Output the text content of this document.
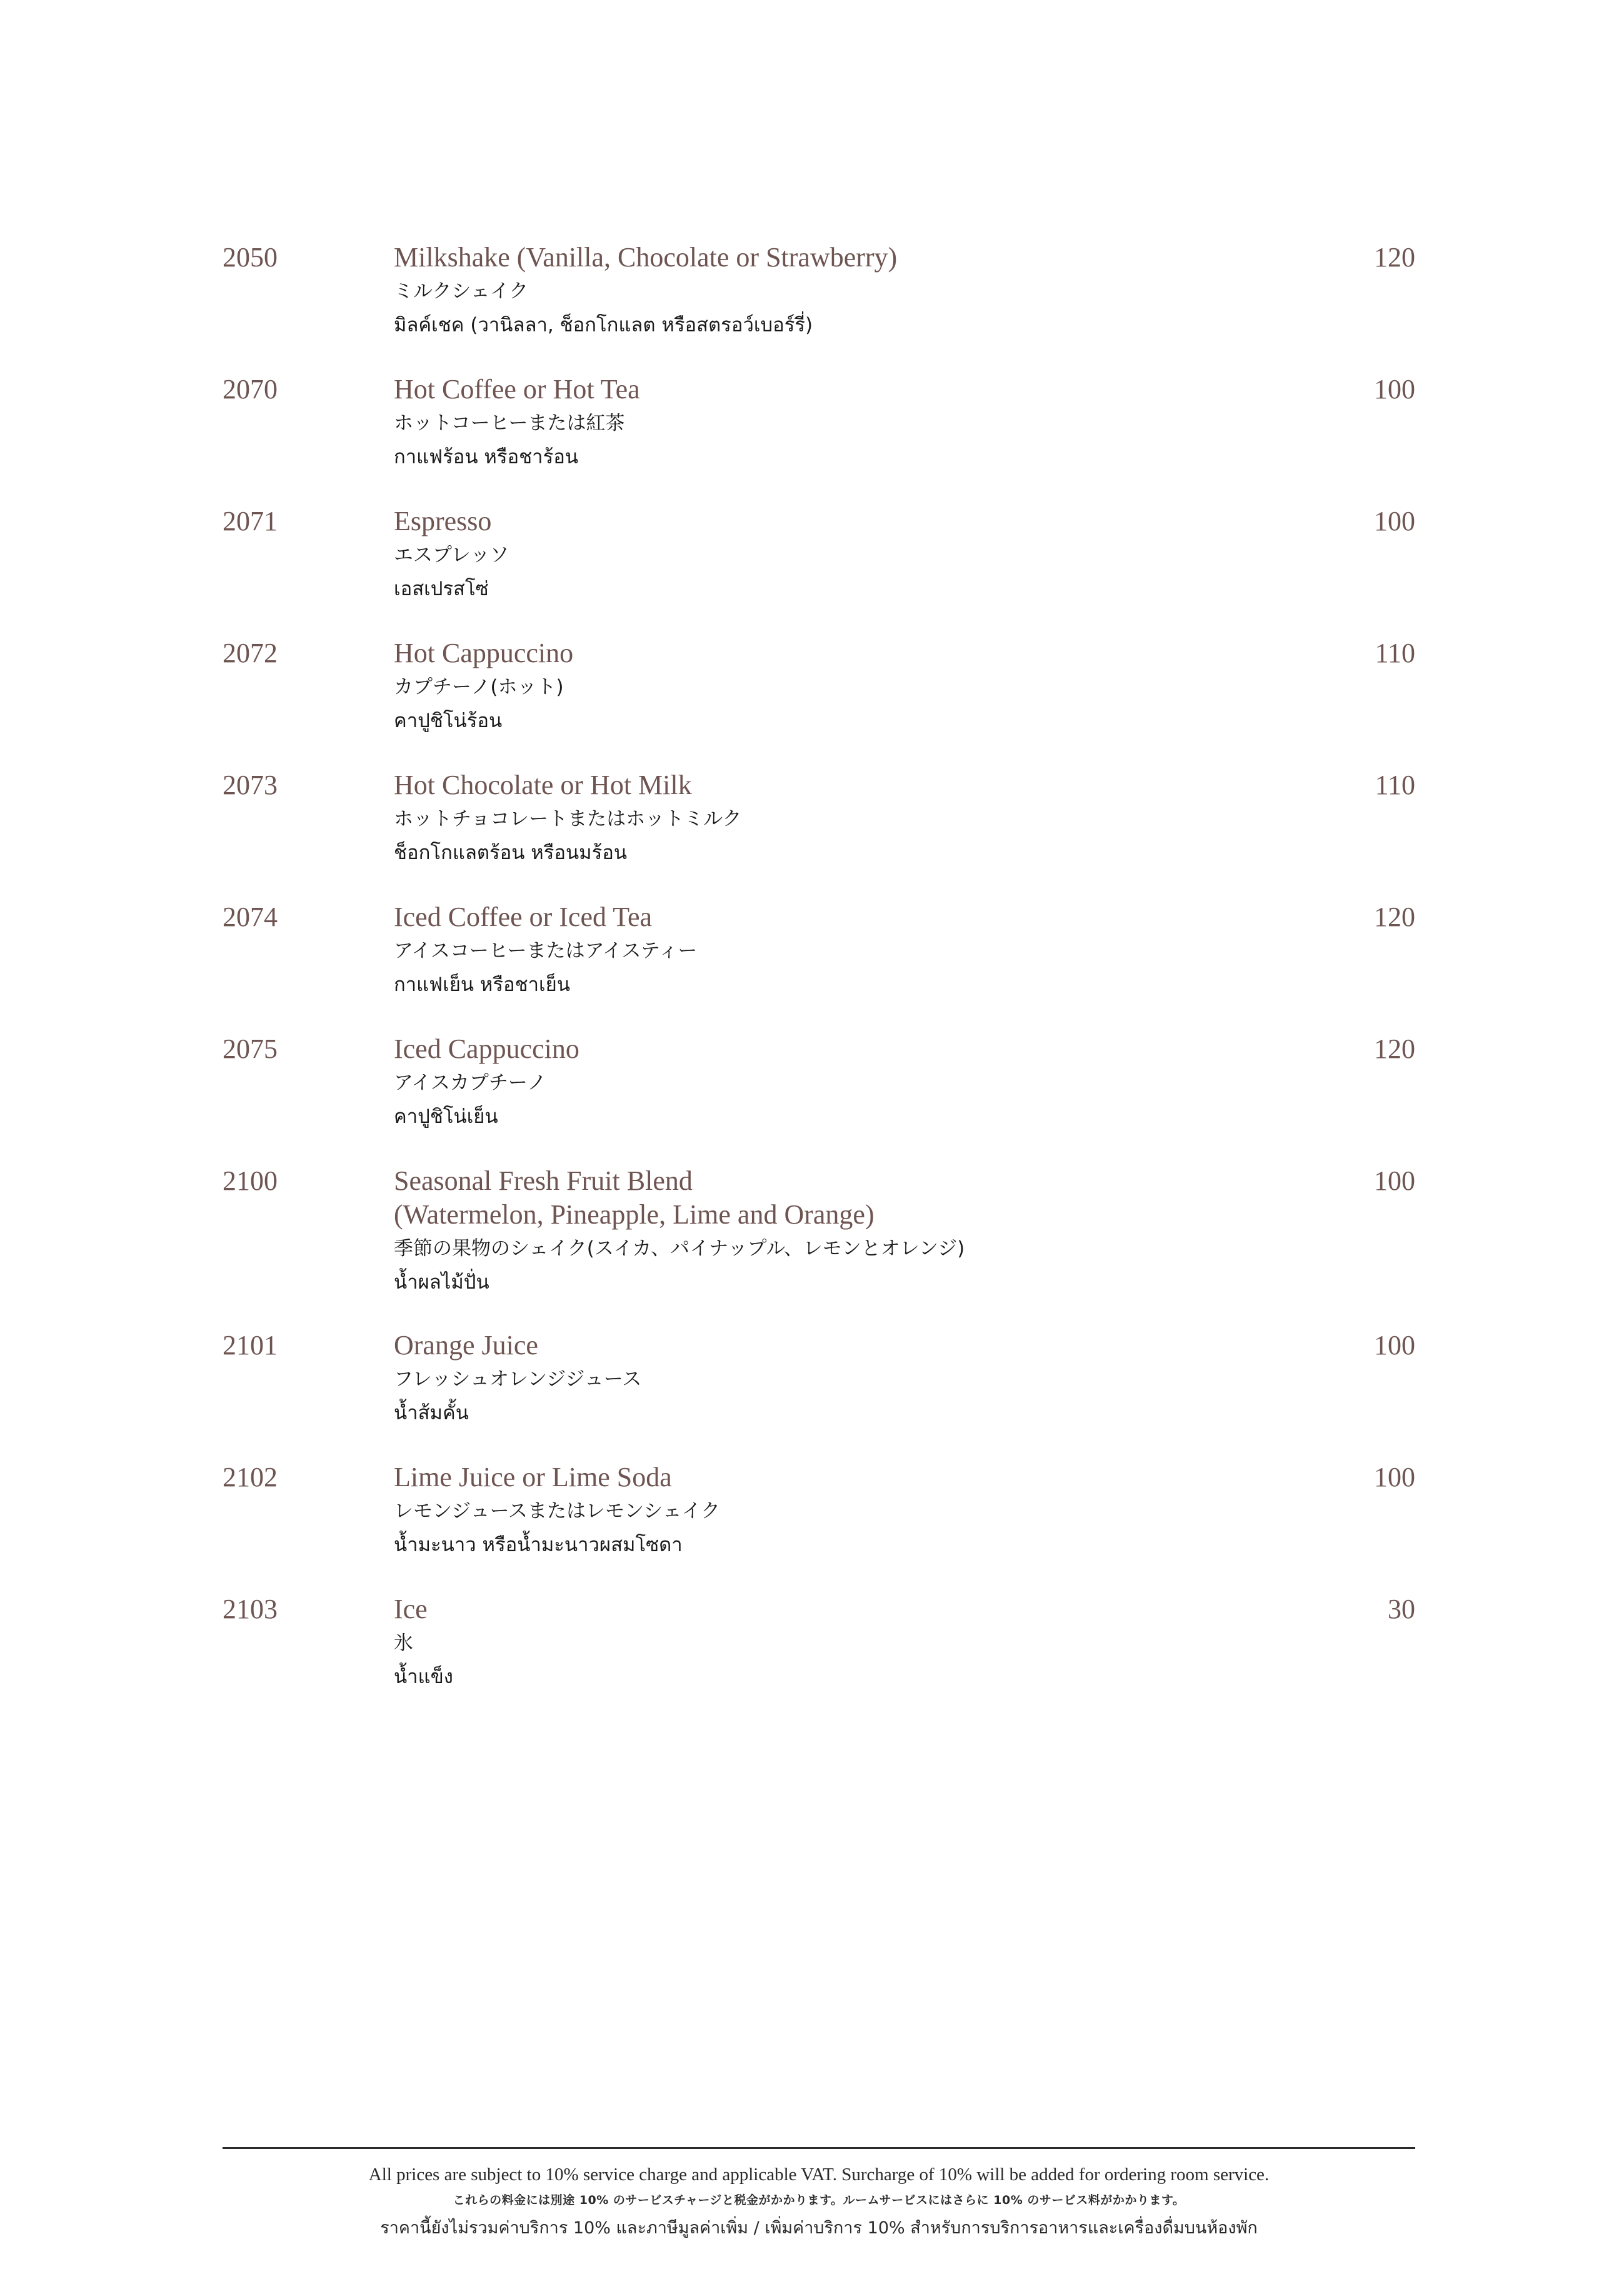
2050	Milkshake (Vanilla, Chocolate or Strawberry)
ミルクシェイク
มิลค์เชค (วานิลลา, ช็อกโกแลต หรือสตรอว์เบอร์รี่)
120
2070	Hot Coffee or Hot Tea
ホットコーヒーまたは紅茶
กาแฟร้อน หรือชาร้อน
100
2071	Espresso
エスプレッソ
เอสเปรสโซ่
100
2072	Hot Cappuccino
カプチーノ(ホット)
คาปูชิโน่ร้อน
110
2073	Hot Chocolate or Hot Milk
ホットチョコレートまたはホットミルク
ช็อกโกแลตร้อน หรือนมร้อน
110
2074	Iced Coffee or Iced Tea
アイスコーヒーまたはアイスティー
กาแฟเย็น หรือชาเย็น
120
2075	Iced Cappuccino
アイスカプチーノ
คาปูชิโน่เย็น
120
2100	Seasonal Fresh Fruit Blend
(Watermelon, Pineapple, Lime and Orange)
季節の果物のシェイク(スイカ、パイナップル、レモンとオレンジ)
น้ำผลไม้ปั่น
100
2101	Orange Juice
フレッシュオレンジジュース
น้ำส้มคั้น
100
2102	Lime Juice or Lime Soda
レモンジュースまたはレモンシェイク
น้ำมะนาว หรือน้ำมะนาวผสมโซดา
100
2103	Ice
氷
น้ำแข็ง
30
All prices are subject to 10% service charge and applicable VAT. Surcharge of 10% will be added for ordering room service.
これらの料金には別途 10% のサービスチャージと税金がかかります。ルームサービスにはさらに 10% のサービス料がかかります。
ราคานี้ยังไม่รวมค่าบริการ 10% และภาษีมูลค่าเพิ่ม / เพิ่มค่าบริการ 10% สำหรับการบริการอาหารและเครื่องดื่มบนห้องพัก
